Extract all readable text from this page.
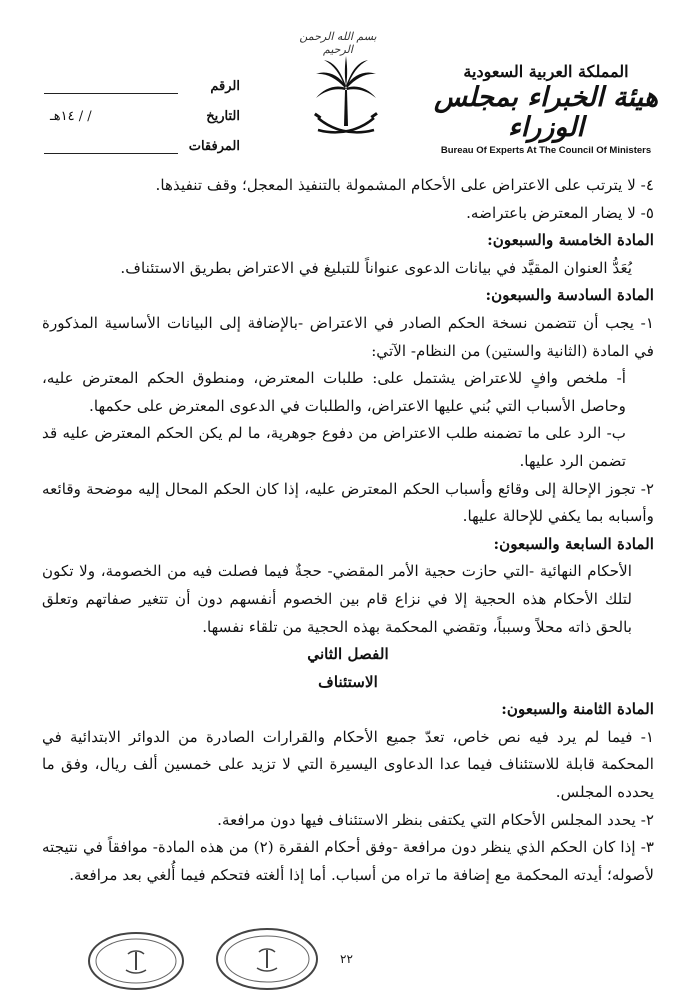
بسم الله الرحمن الرحيم
المملكة العربية السعودية
هيئة الخبراء بمجلس الوزراء
Bureau Of Experts At The Council Of Ministers
الرقم
التاريخ
/ / ١٤هـ
المرفقات

٤- لا يترتب على الاعتراض على الأحكام المشمولة بالتنفيذ المعجل؛ وقف تنفيذها.

٥- لا يضار المعترض باعتراضه.

المادة الخامسة والسبعون:

يُعَدُّ العنوان المقيَّد في بيانات الدعوى عنواناً للتبليغ في الاعتراض بطريق الاستئناف.

المادة السادسة والسبعون:

١- يجب أن تتضمن نسخة الحكم الصادر في الاعتراض -بالإضافة إلى البيانات الأساسية المذكورة في المادة (الثانية والستين) من النظام- الآتي:

أ- ملخص وافٍ للاعتراض يشتمل على: طلبات المعترض، ومنطوق الحكم المعترض عليه، وحاصل الأسباب التي بُني عليها الاعتراض، والطلبات في الدعوى المعترض على حكمها.

ب- الرد على ما تضمنه طلب الاعتراض من دفوع جوهرية، ما لم يكن الحكم المعترض عليه قد تضمن الرد عليها.

٢- تجوز الإحالة إلى وقائع وأسباب الحكم المعترض عليه، إذا كان الحكم المحال إليه موضحة وقائعه وأسبابه بما يكفي للإحالة عليها.

المادة السابعة والسبعون:

الأحكام النهائية -التي حازت حجية الأمر المقضي- حجةٌ فيما فصلت فيه من الخصومة، ولا تكون لتلك الأحكام هذه الحجية إلا في نزاع قام بين الخصوم أنفسهم دون أن تتغير صفاتهم وتعلق بالحق ذاته محلاً وسبباً، وتقضي المحكمة بهذه الحجية من تلقاء نفسها.

الفصل الثاني

الاستئناف

المادة الثامنة والسبعون:

١- فيما لم يرد فيه نص خاص، تعدّ جميع الأحكام والقرارات الصادرة من الدوائر الابتدائية في المحكمة قابلة للاستئناف فيما عدا الدعاوى اليسيرة التي لا تزيد على خمسين ألف ريال، وفق ما يحدده المجلس.

٢- يحدد المجلس الأحكام التي يكتفى بنظر الاستئناف فيها دون مرافعة.

٣- إذا كان الحكم الذي ينظر دون مرافعة -وفق أحكام الفقرة (٢) من هذه المادة- موافقاً في نتيجته لأصوله؛ أيدته المحكمة مع إضافة ما تراه من أسباب. أما إذا ألغته فتحكم فيما أُلغي بعد مرافعة.

٢٢
